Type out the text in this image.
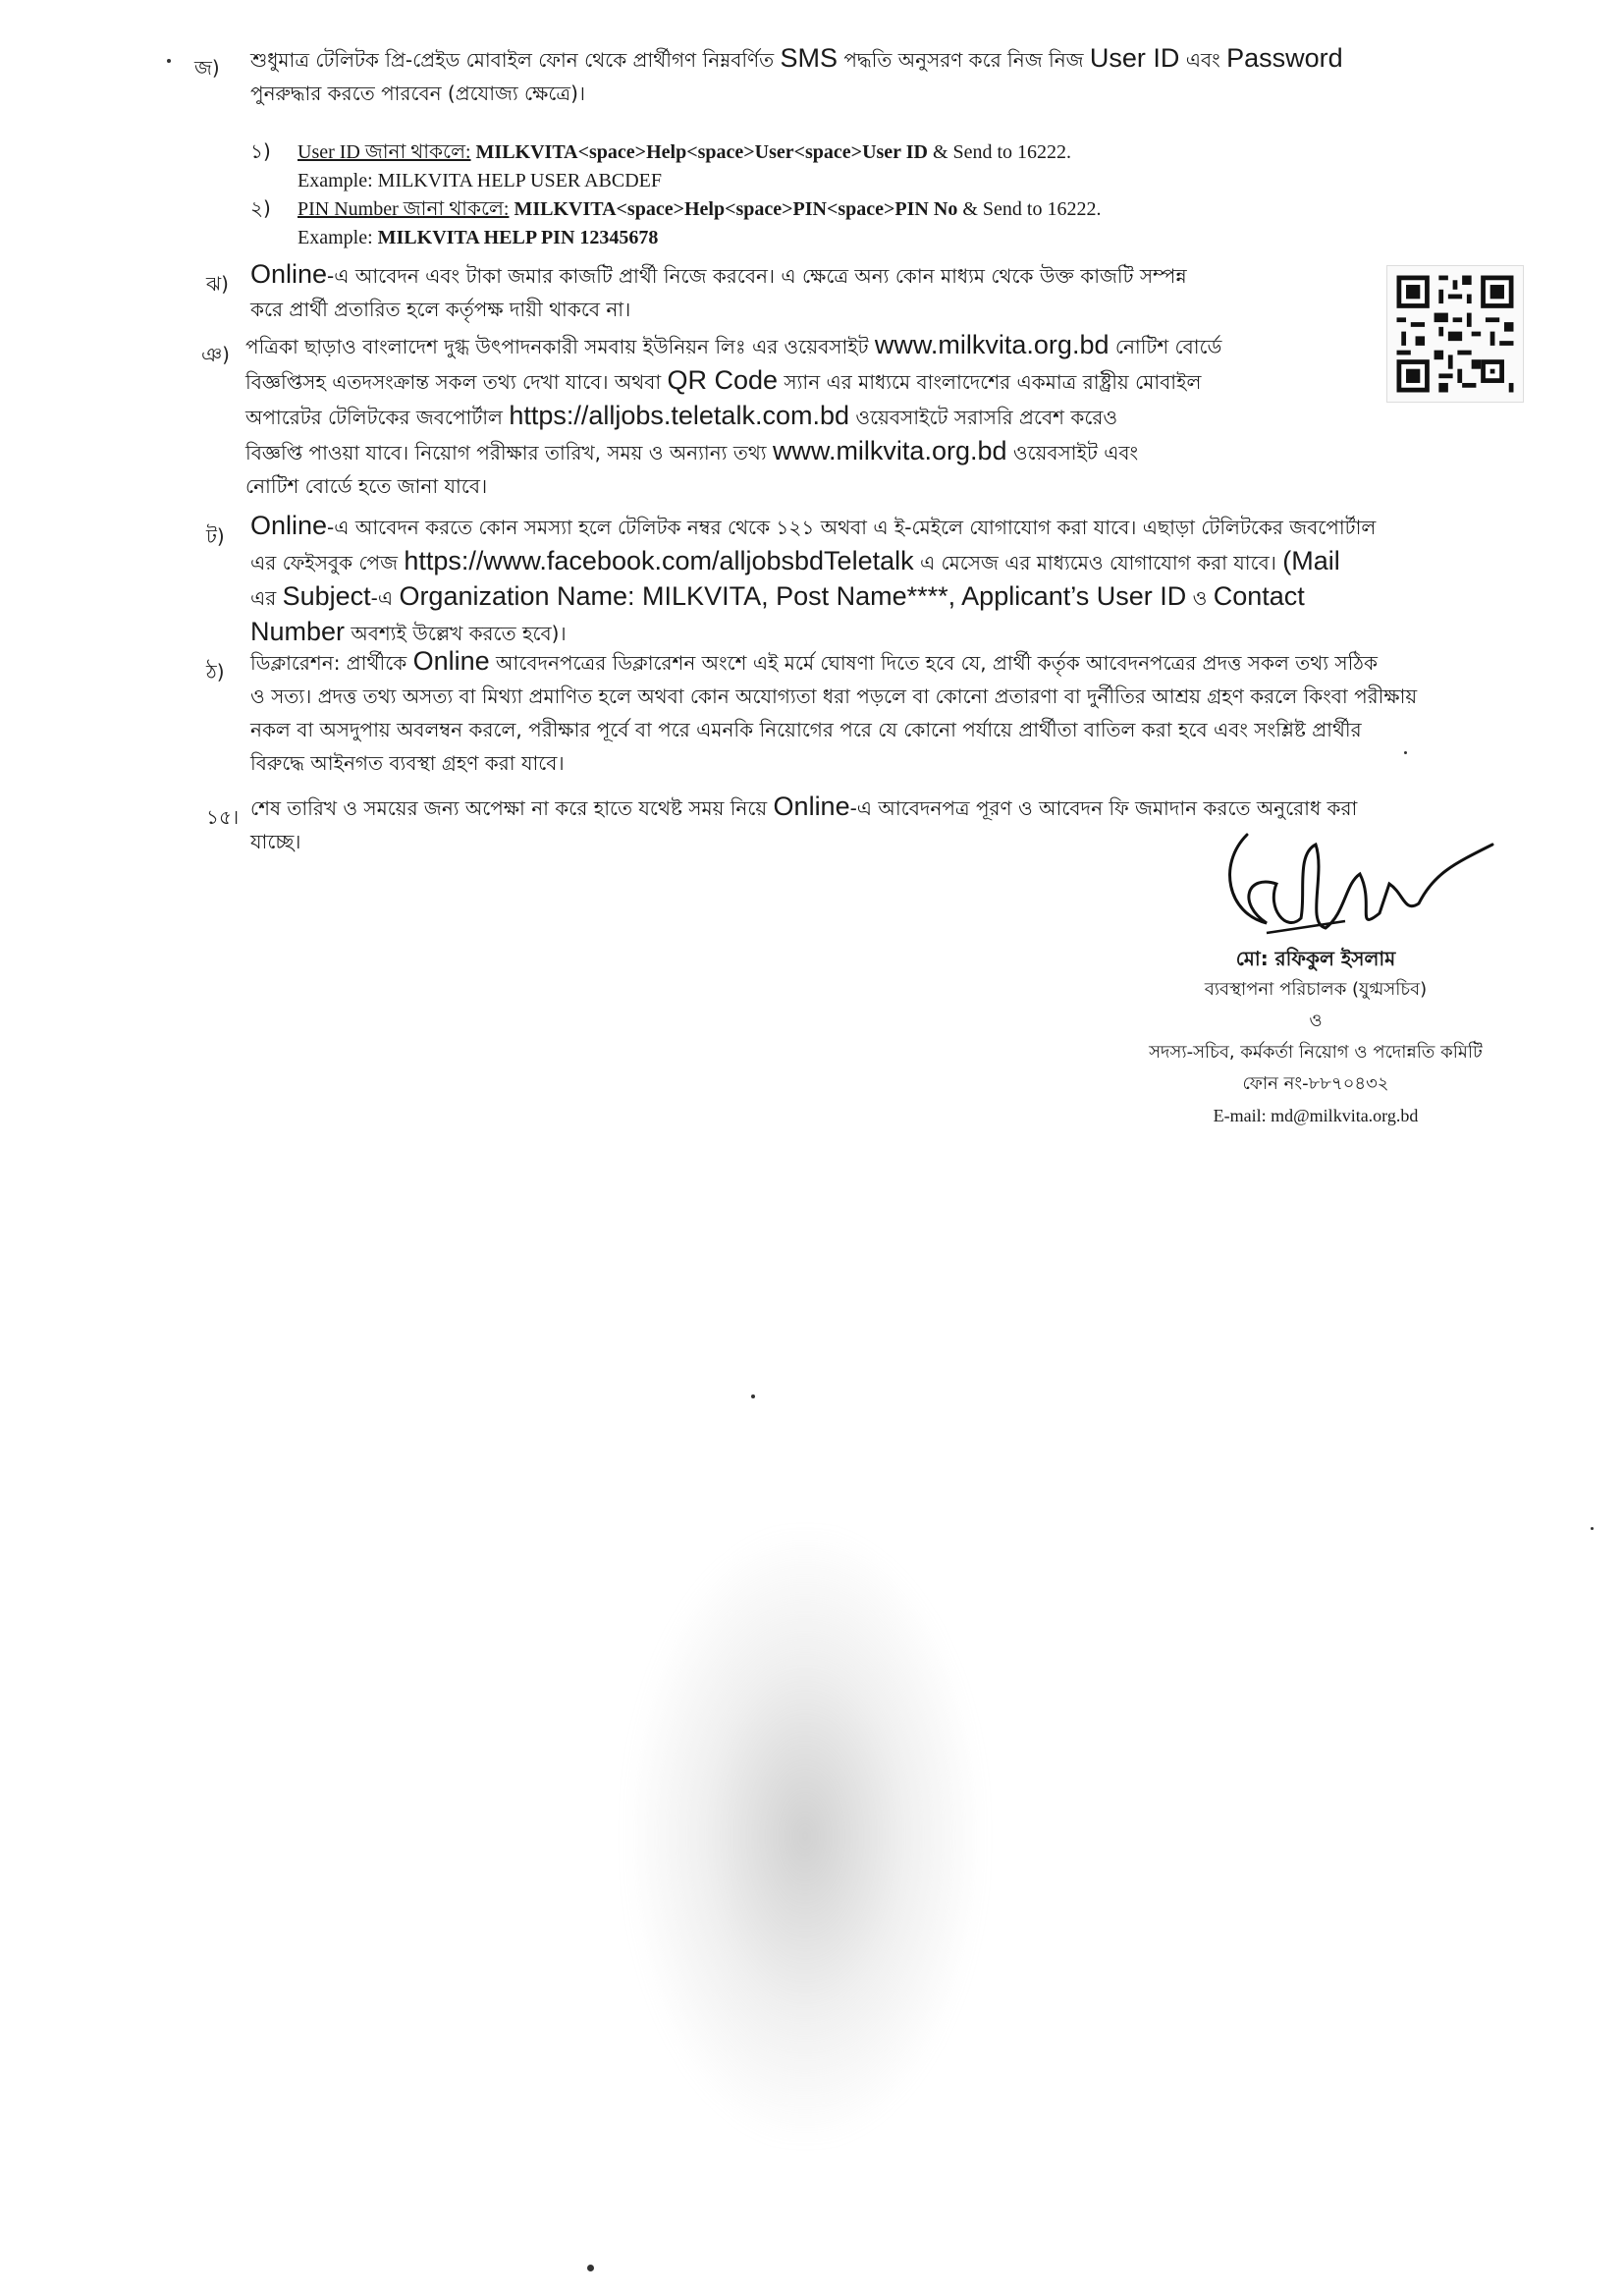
জ) শুধুমাত্র টেলিটক প্রি-প্রেইড মোবাইল ফোন থেকে প্রার্থীগণ নিম্নবর্ণিত SMS পদ্ধতি অনুসরণ করে নিজ নিজ User ID এবং Password

পুনরুদ্ধার করতে পারবেন (প্রযোজ্য ক্ষেত্রে)।

১) User ID জানা থাকলে: MILKVITA<space>Help<space>User<space>User ID & Send to 16222.
Example: MILKVITA HELP USER ABCDEF
২) PIN Number জানা থাকলে: MILKVITA<space>Help<space>PIN<space>PIN No & Send to 16222.
Example: MILKVITA HELP PIN 12345678
ঝ) Online-এ আবেদন এবং টাকা জমার কাজটি প্রার্থী নিজে করবেন। এ ক্ষেত্রে অন্য কোন মাধ্যম থেকে উক্ত কাজটি সম্পন্ন

করে প্রার্থী প্রতারিত হলে কর্তৃপক্ষ দায়ী থাকবে না।

ঞ) পত্রিকা ছাড়াও বাংলাদেশ দুগ্ধ উৎপাদনকারী সমবায় ইউনিয়ন লিঃ এর ওয়েবসাইট www.milkvita.org.bd নোটিশ বোর্ডে

বিজ্ঞপ্তিসহ এতদসংক্রান্ত সকল তথ্য দেখা যাবে। অথবা QR Code স্যান এর মাধ্যমে বাংলাদেশের একমাত্র রাষ্ট্রীয় মোবাইল

অপারেটর টেলিটকের জবপোর্টাল https://alljobs.teletalk.com.bd ওয়েবসাইটে সরাসরি প্রবেশ করেও

বিজ্ঞপ্তি পাওয়া যাবে। নিয়োগ পরীক্ষার তারিখ, সময় ও অন্যান্য তথ্য www.milkvita.org.bd ওয়েবসাইট এবং

নোটিশ বোর্ডে হতে জানা যাবে।

ট) Online-এ আবেদন করতে কোন সমস্যা হলে টেলিটক নম্বর থেকে ১২১ অথবা এ ই-মেইলে যোগাযোগ করা যাবে। এছাড়া টেলিটকের জবপোর্টাল

এর ফেইসবুক পেজ https://www.facebook.com/alljobsbdTeletalk এ মেসেজ এর মাধ্যমেও যোগাযোগ করা যাবে। (Mail

এর Subject-এ Organization Name: MILKVITA, Post Name****, Applicant’s User ID ও Contact

Number অবশ্যই উল্লেখ করতে হবে)।

ঠ) ডিক্লারেশন: প্রার্থীকে Online আবেদনপত্রের ডিক্লারেশন অংশে এই মর্মে ঘোষণা দিতে হবে যে, প্রার্থী কর্তৃক আবেদনপত্রের প্রদত্ত সকল তথ্য সঠিক

ও সত্য। প্রদত্ত তথ্য অসত্য বা মিথ্যা প্রমাণিত হলে অথবা কোন অযোগ্যতা ধরা পড়লে বা কোনো প্রতারণা বা দুর্নীতির আশ্রয় গ্রহণ করলে কিংবা পরীক্ষায়

নকল বা অসদুপায় অবলম্বন করলে, পরীক্ষার পূর্বে বা পরে এমনকি নিয়োগের পরে যে কোনো পর্যায়ে প্রার্থীতা বাতিল করা হবে এবং সংশ্লিষ্ট প্রার্থীর

বিরুদ্ধে আইনগত ব্যবস্থা গ্রহণ করা যাবে।

১৫। শেষ তারিখ ও সময়ের জন্য অপেক্ষা না করে হাতে যথেষ্ট সময় নিয়ে Online-এ আবেদনপত্র পূরণ ও আবেদন ফি জমাদান করতে অনুরোধ করা

যাচ্ছে।

মো: রফিকুল ইসলাম
ব্যবস্থাপনা পরিচালক (যুগ্মসচিব)
ও
সদস্য-সচিব, কর্মকর্তা নিয়োগ ও পদোন্নতি কমিটি
ফোন নং-৮৮৭০৪৩২
E-mail: md@milkvita.org.bd
